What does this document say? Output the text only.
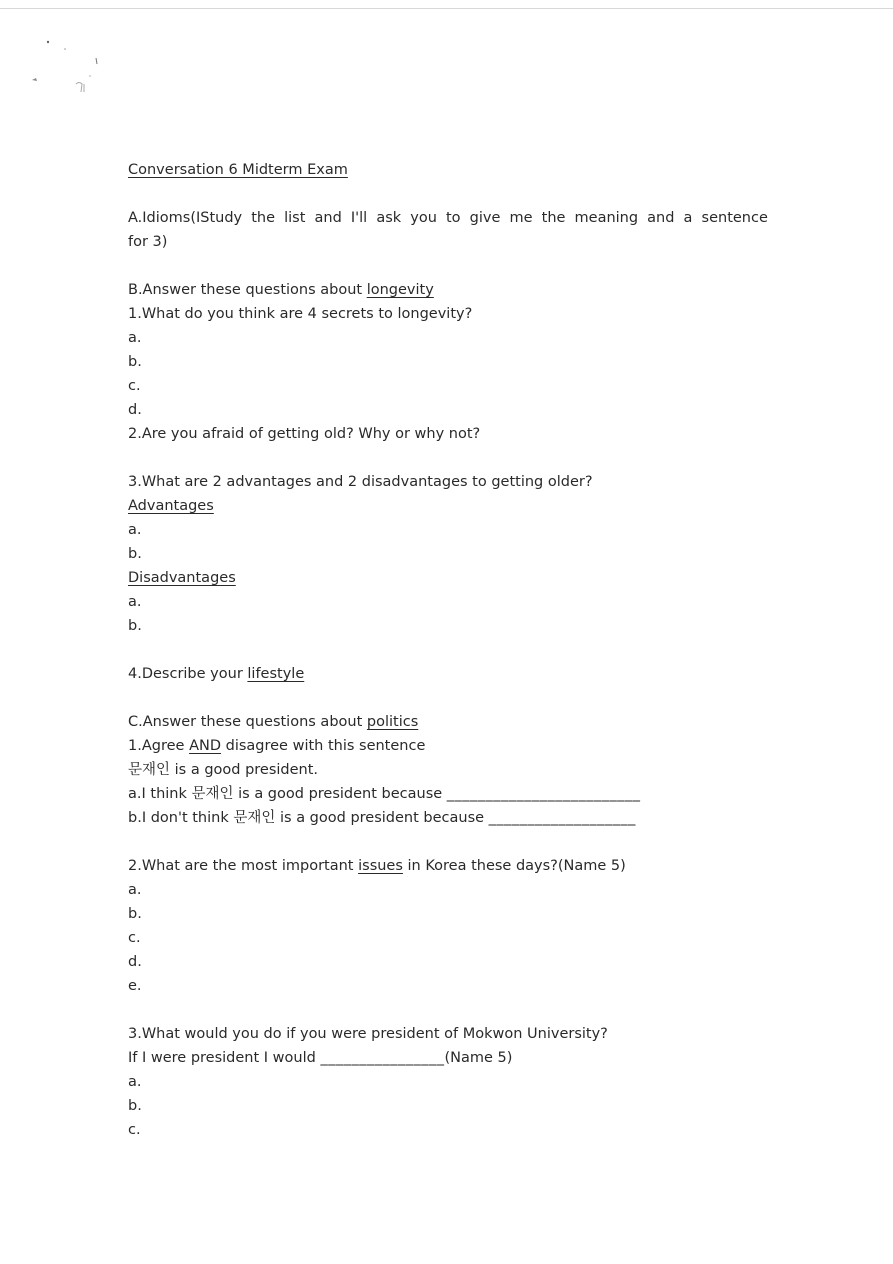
Conversation 6 Midterm Exam
A.Idioms(IStudy the list and I'll ask you to give me the meaning and a sentence
for 3)
B.Answer these questions about longevity
1.What do you think are 4 secrets to longevity?
a.
b.
c.
d.
2.Are you afraid of getting old? Why or why not?
3.What are 2 advantages and 2 disadvantages to getting older?
Advantages
a.
b.
Disadvantages
a.
b.
4.Describe your lifestyle
C.Answer these questions about politics
1.Agree AND disagree with this sentence
문재인 is a good president.
a.I think 문재인 is a good president because _________________________
b.I don't think 문재인 is a good president because ___________________
2.What are the most important issues in Korea these days?(Name 5)
a.
b.
c.
d.
e.
3.What would you do if you were president of Mokwon University?
If I were president I would ________________(Name 5)
a.
b.
c.
